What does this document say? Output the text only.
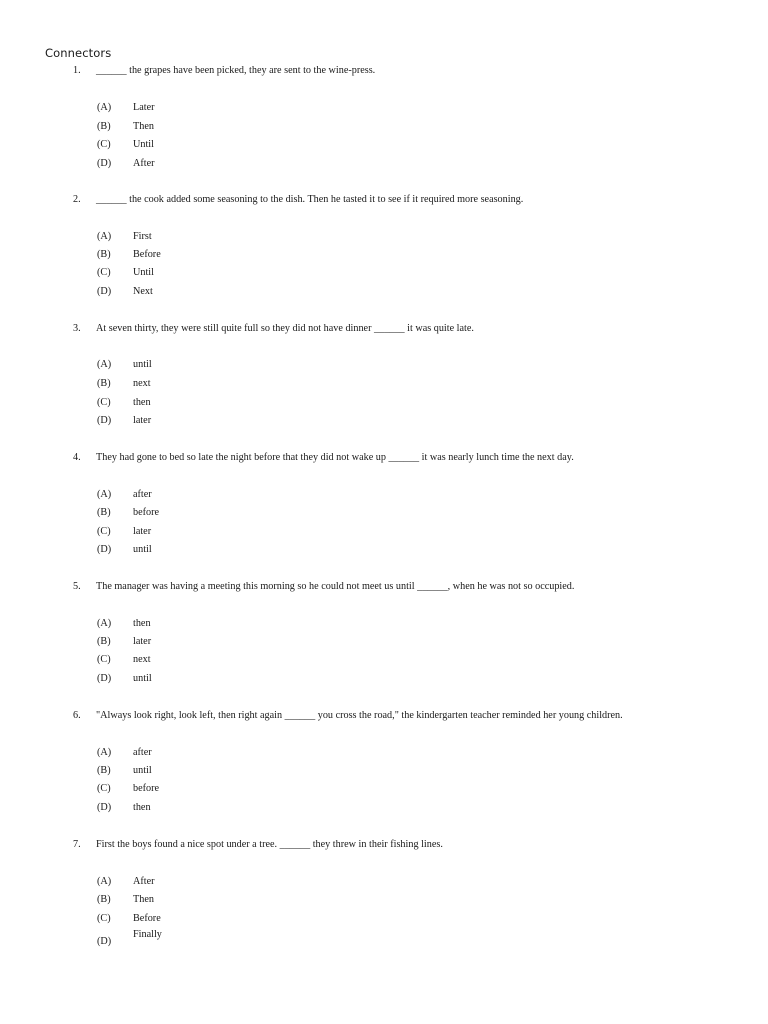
Connectors
1. ______ the grapes have been picked, they are sent to the wine-press.
(A) Later
(B) Then
(C) Until
(D) After
2. ______ the cook added some seasoning to the dish. Then he tasted it to see if it required more seasoning.
(A) First
(B) Before
(C) Until
(D) Next
3. At seven thirty, they were still quite full so they did not have dinner ______ it was quite late.
(A) until
(B) next
(C) then
(D) later
4. They had gone to bed so late the night before that they did not wake up ______ it was nearly lunch time the next day.
(A) after
(B) before
(C) later
(D) until
5. The manager was having a meeting this morning so he could not meet us until ______, when he was not so occupied.
(A) then
(B) later
(C) next
(D) until
6. "Always look right, look left, then right again ______ you cross the road," the kindergarten teacher reminded her young children.
(A) after
(B) until
(C) before
(D) then
7. First the boys found a nice spot under a tree. ______ they threw in their fishing lines.
(A) After
(B) Then
(C) Before
(D)
Finally
